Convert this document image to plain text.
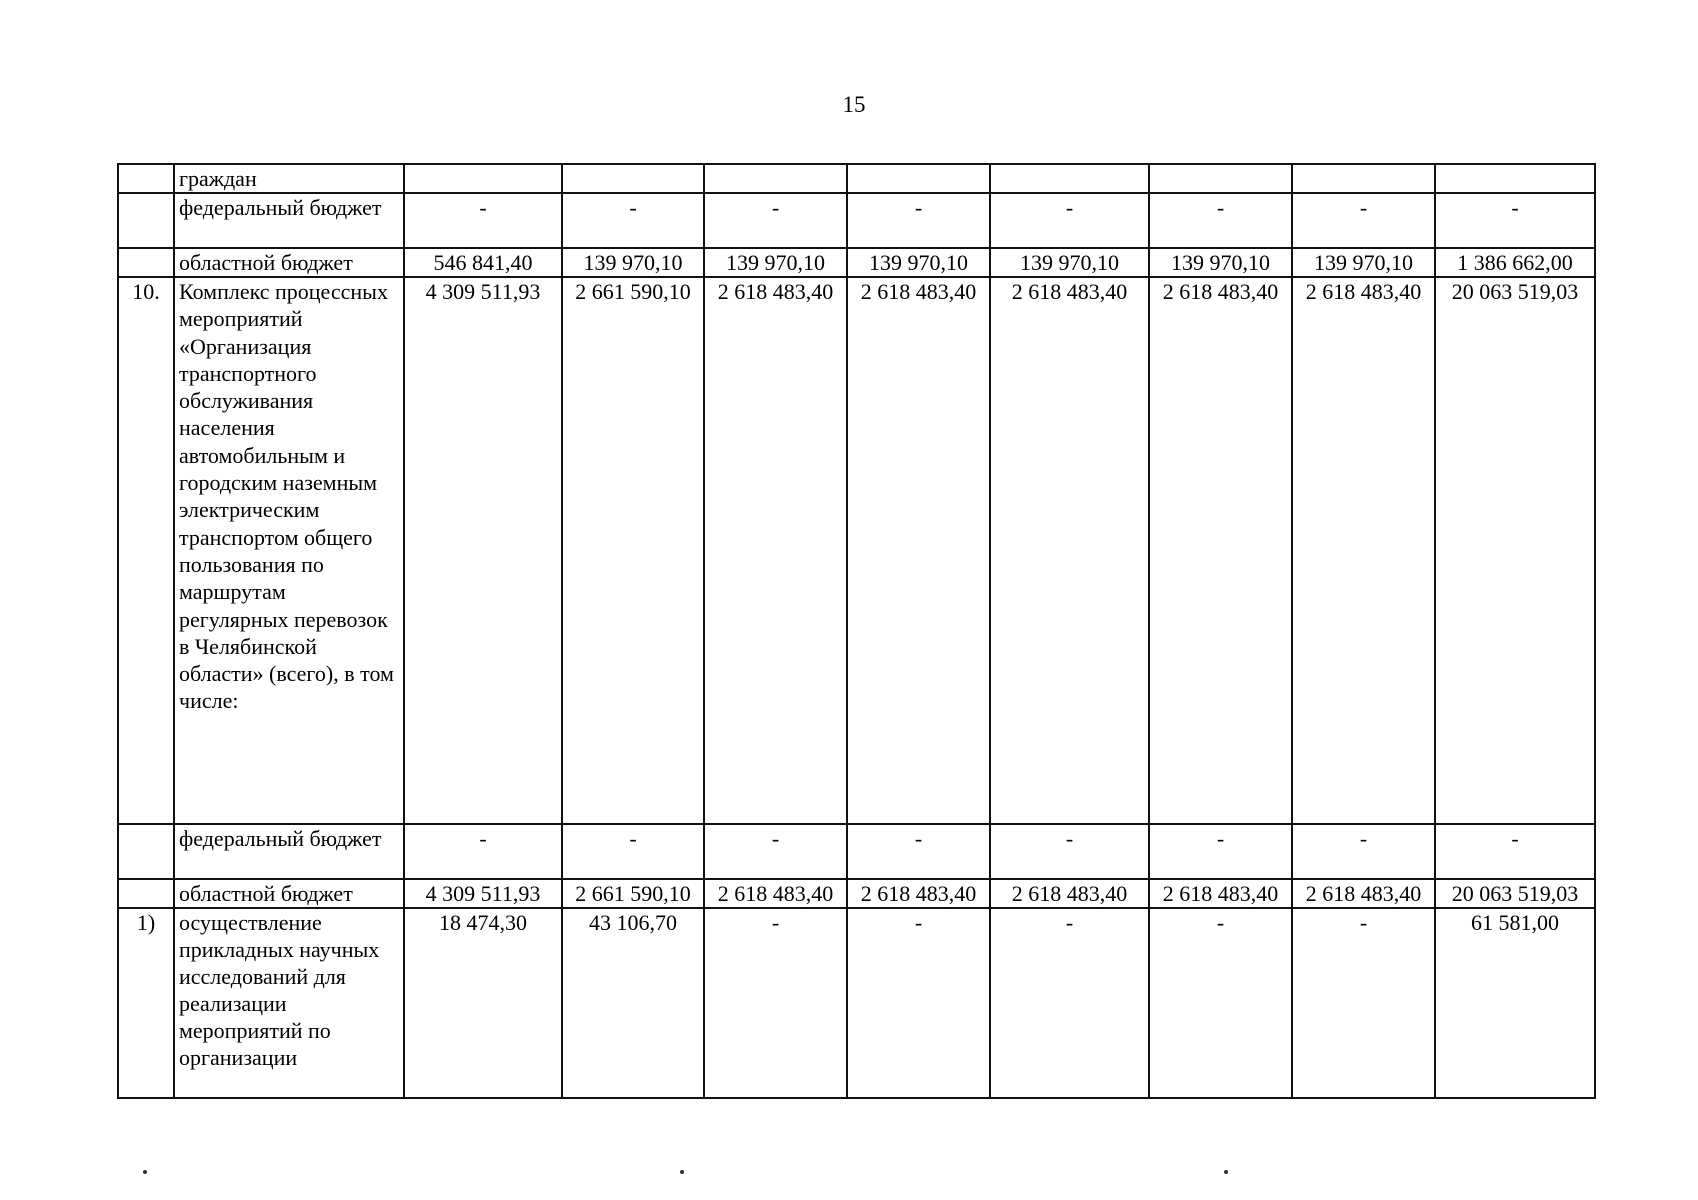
15
	граждан								
	федеральный бюджет	-	-	-	-	-	-	-	-
	областной бюджет	546 841,40	139 970,10	139 970,10	139 970,10	139 970,10	139 970,10	139 970,10	1 386 662,00
10.	Комплекс процессных мероприятий «Организация транспортного обслуживания населения автомобильным и городским наземным электрическим транспортом общего пользования по маршрутам регулярных перевозок в Челябинской области» (всего), в том числе:	4 309 511,93	2 661 590,10	2 618 483,40	2 618 483,40	2 618 483,40	2 618 483,40	2 618 483,40	20 063 519,03
	федеральный бюджет	-	-	-	-	-	-	-	-
	областной бюджет	4 309 511,93	2 661 590,10	2 618 483,40	2 618 483,40	2 618 483,40	2 618 483,40	2 618 483,40	20 063 519,03
1)	осуществление прикладных научных исследований для реализации мероприятий по организации	18 474,30	43 106,70	-	-	-	-	-	61 581,00
